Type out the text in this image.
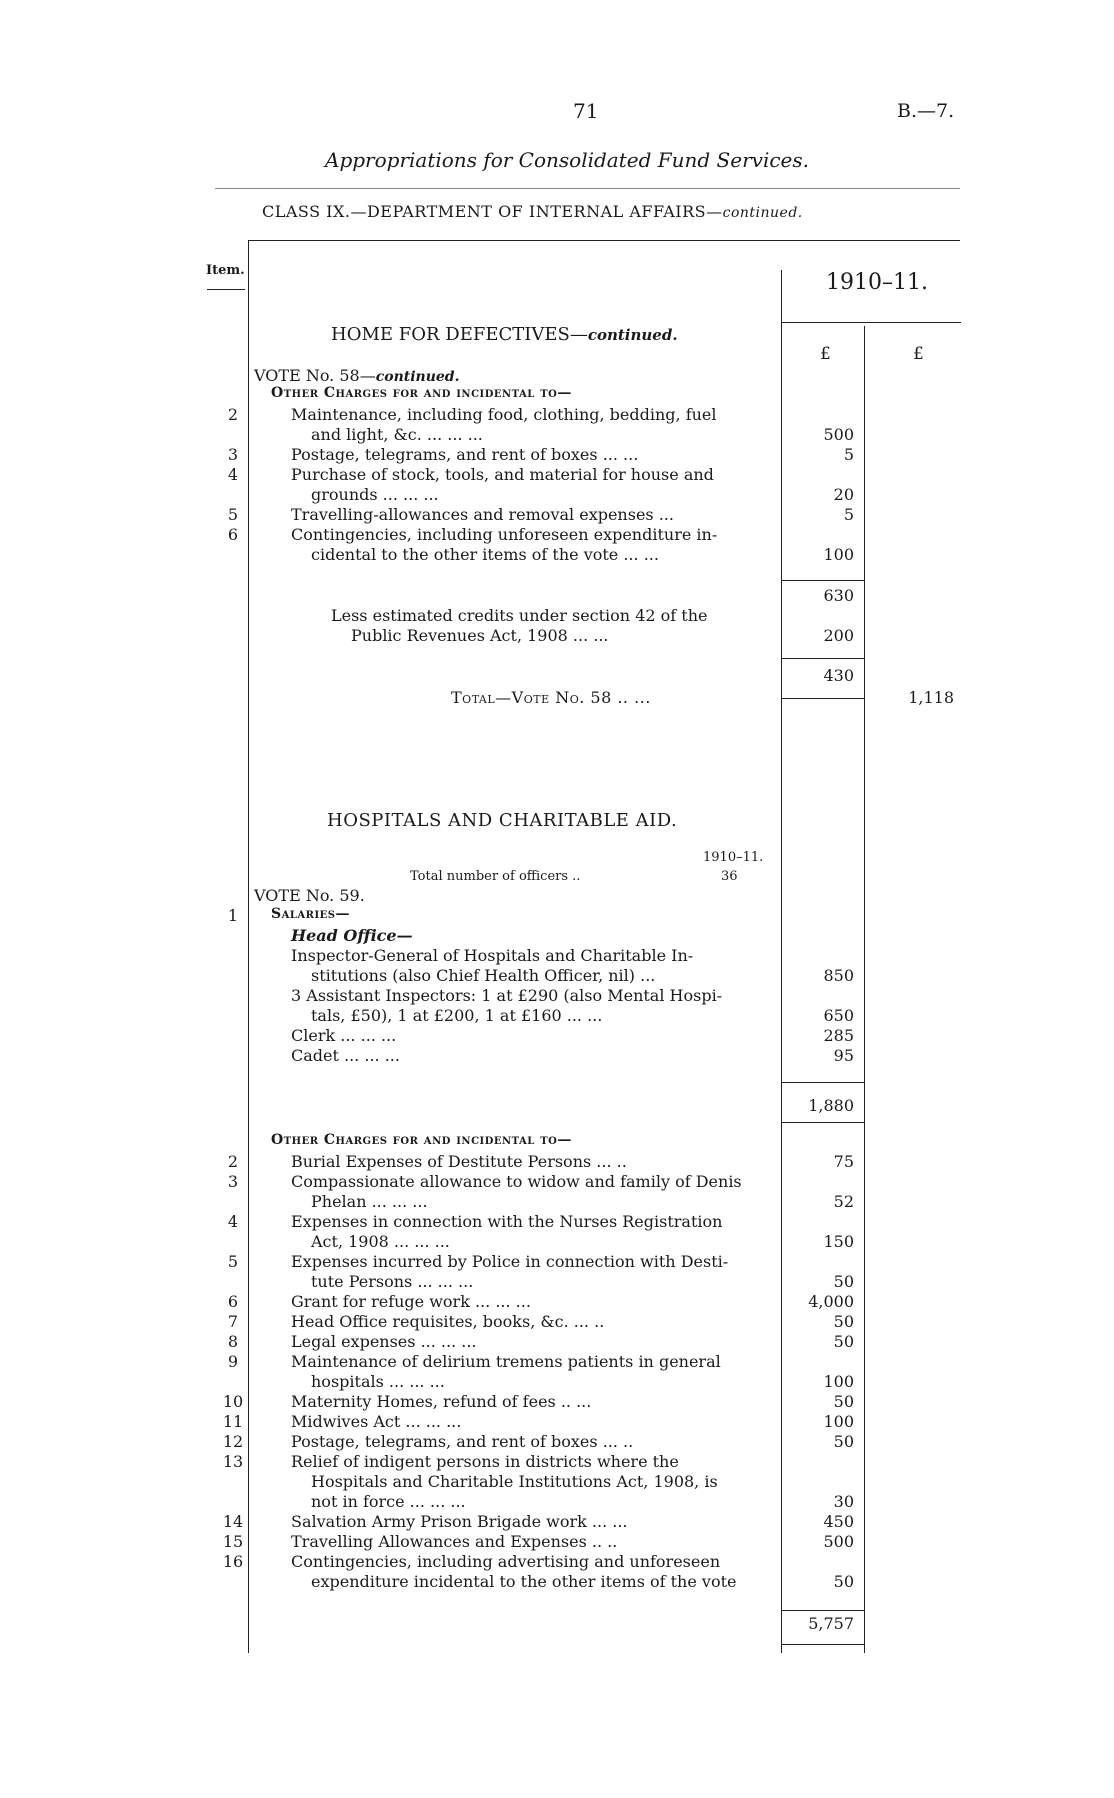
71	B.—7.
Appropriations for Consolidated Fund Services.
CLASS IX.—DEPARTMENT OF INTERNAL AFFAIRS—continued.
Item.	1910–11.
£	£
HOME FOR DEFECTIVES—continued.
VOTE No. 58—continued.
Other Charges for and incidental to—
2	Maintenance, including food, clothing, bedding, fuel
and light, &c. ... ... ...	500
3	Postage, telegrams, and rent of boxes ... ...	5
4	Purchase of stock, tools, and material for house and
grounds ... ... ...	20
5	Travelling-allowances and removal expenses ...	5
6	Contingencies, including unforeseen expenditure in-
cidental to the other items of the vote ... ...	100
630
Less estimated credits under section 42 of the
Public Revenues Act, 1908 ... ...	200
430
Total—Vote No. 58 .. ...	1,118
HOSPITALS AND CHARITABLE AID.
1910–11.
Total number of officers ..	36
VOTE No. 59.
1	Salaries—
Head Office—
Inspector-General of Hospitals and Charitable In-
stitutions (also Chief Health Officer, nil) ...	850
3 Assistant Inspectors: 1 at £290 (also Mental Hospi-
tals, £50), 1 at £200, 1 at £160 ... ...	650
Clerk ... ... ...	285
Cadet ... ... ...	95
1,880
Other Charges for and incidental to—
2	Burial Expenses of Destitute Persons ... ..	75
3	Compassionate allowance to widow and family of Denis
Phelan ... ... ...	52
4	Expenses in connection with the Nurses Registration
Act, 1908 ... ... ...	150
5	Expenses incurred by Police in connection with Desti-
tute Persons ... ... ...	50
6	Grant for refuge work ... ... ...	4,000
7	Head Office requisites, books, &c. ... ..	50
8	Legal expenses ... ... ...	50
9	Maintenance of delirium tremens patients in general
hospitals ... ... ...	100
10	Maternity Homes, refund of fees .. ...	50
11	Midwives Act ... ... ...	100
12	Postage, telegrams, and rent of boxes ... ..	50
13	Relief of indigent persons in districts where the
Hospitals and Charitable Institutions Act, 1908, is
not in force ... ... ...	30
14	Salvation Army Prison Brigade work ... ...	450
15	Travelling Allowances and Expenses .. ..	500
16	Contingencies, including advertising and unforeseen
expenditure incidental to the other items of the vote	50
5,757
